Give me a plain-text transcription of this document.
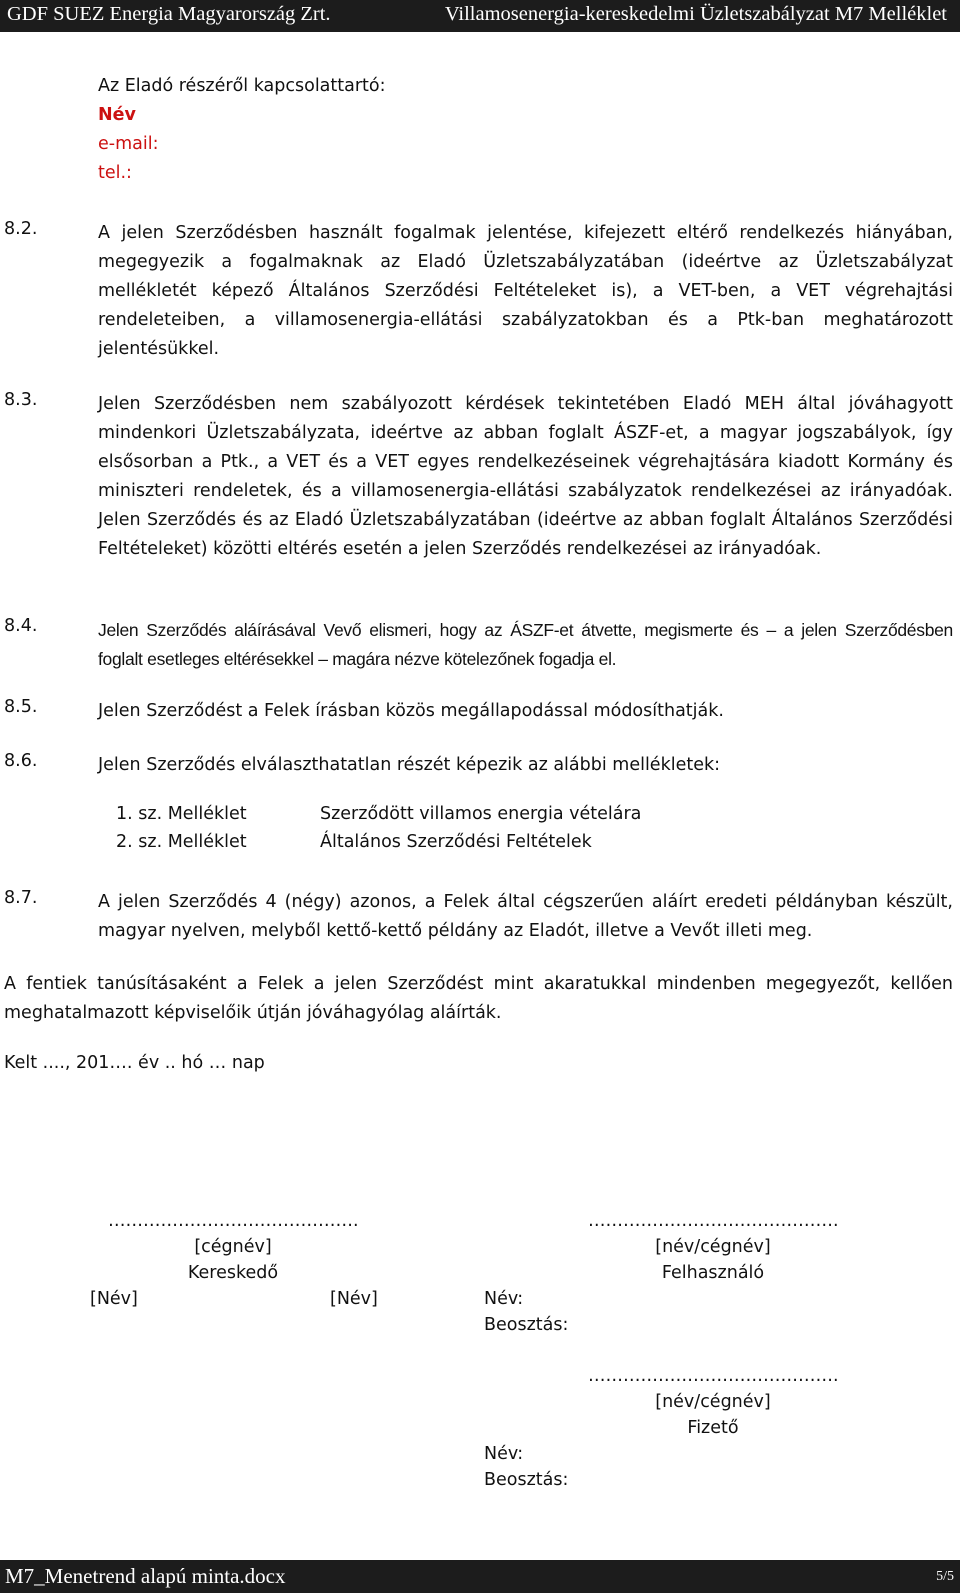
GDF SUEZ Energia Magyarország Zrt.	Villamosenergia-kereskedelmi Üzletszabályzat M7 Melléklet
Az Eladó részéről kapcsolattartó:
Név
e-mail:
tel.:
8.2.	A jelen Szerződésben használt fogalmak jelentése, kifejezett eltérő rendelkezés hiányában, megegyezik a fogalmaknak az Eladó Üzletszabályzatában (ideértve az Üzletszabályzat mellékletét képező Általános Szerződési Feltételeket is), a VET-ben, a VET végrehajtási rendeleteiben, a villamosenergia-ellátási szabályzatokban és a Ptk-ban meghatározott jelentésükkel.

8.3.	Jelen Szerződésben nem szabályozott kérdések tekintetében Eladó MEH által jóváhagyott mindenkori Üzletszabályzata, ideértve az abban foglalt ÁSZF-et, a magyar jogszabályok, így elsősorban a Ptk., a VET és a VET egyes rendelkezéseinek végrehajtására kiadott Kormány és miniszteri rendeletek, és a villamosenergia-ellátási szabályzatok rendelkezései az irányadóak. Jelen Szerződés és az Eladó Üzletszabályzatában (ideértve az abban foglalt Általános Szerződési Feltételeket) közötti eltérés esetén a jelen Szerződés rendelkezései az irányadóak.

8.4.	Jelen Szerződés aláírásával Vevő elismeri, hogy az ÁSZF-et átvette, megismerte és – a jelen Szerződésben foglalt esetleges eltérésekkel – magára nézve kötelezőnek fogadja el.

8.5.	Jelen Szerződést a Felek írásban közös megállapodással módosíthatják.

8.6.	Jelen Szerződés elválaszthatatlan részét képezik az alábbi mellékletek:

1. sz. Melléklet	Szerződött villamos energia vételára
2. sz. Melléklet	Általános Szerződési Feltételek
8.7.	A jelen Szerződés 4 (négy) azonos, a Felek által cégszerűen aláírt eredeti példányban készült, magyar nyelven, melyből kettő-kettő példány az Eladót, illetve a Vevőt illeti meg.

A fentiek tanúsításaként a Felek a jelen Szerződést mint akaratukkal mindenben megegyezőt, kellően meghatalmazott képviselőik útján jóváhagyólag aláírták.

Kelt ...., 201…. év .. hó … nap
…………………………………….
[cégnév]
Kereskedő
[Név]	[Név]
…………………………………….
[név/cégnév]
Felhasználó
Név:
Beosztás:
…………………………………….
[név/cégnév]
Fizető
Név:
Beosztás:
M7_Menetrend alapú minta.docx	5/5
